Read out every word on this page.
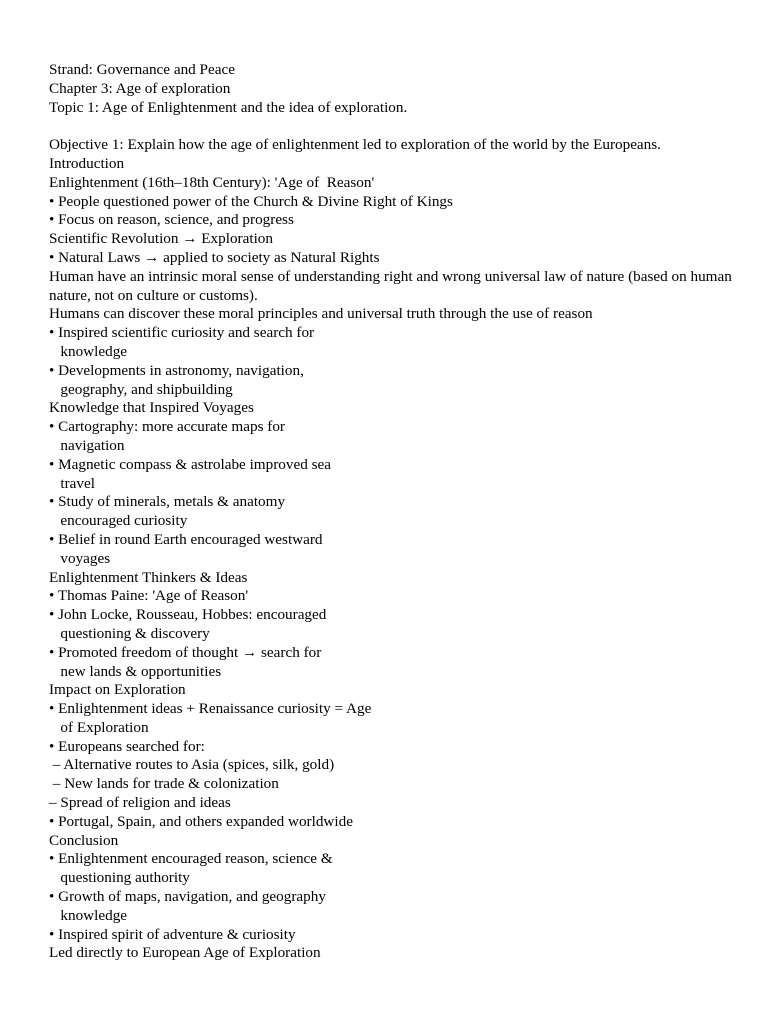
Strand: Governance and Peace
Chapter 3: Age of exploration
Topic 1: Age of Enlightenment and the idea of exploration.
Objective 1: Explain how the age of enlightenment led to exploration of the world by the Europeans.
Introduction
Enlightenment (16th–18th Century): 'Age of  Reason'
• People questioned power of the Church & Divine Right of Kings
• Focus on reason, science, and progress
Scientific Revolution → Exploration
• Natural Laws → applied to society as Natural Rights
Human have an intrinsic moral sense of understanding right and wrong universal law of nature (based on human nature, not on culture or customs).
Humans can discover these moral principles and universal truth through the use of reason
• Inspired scientific curiosity and search for
knowledge
• Developments in astronomy, navigation,
geography, and shipbuilding
Knowledge that Inspired Voyages
• Cartography: more accurate maps for
navigation
• Magnetic compass & astrolabe improved sea
travel
• Study of minerals, metals & anatomy
encouraged curiosity
• Belief in round Earth encouraged westward
voyages
Enlightenment Thinkers & Ideas
• Thomas Paine: 'Age of Reason'
• John Locke, Rousseau, Hobbes: encouraged
questioning & discovery
• Promoted freedom of thought → search for
new lands & opportunities
Impact on Exploration
• Enlightenment ideas + Renaissance curiosity = Age
of Exploration
• Europeans searched for:
– Alternative routes to Asia (spices, silk, gold)
– New lands for trade & colonization
– Spread of religion and ideas
• Portugal, Spain, and others expanded worldwide
Conclusion
• Enlightenment encouraged reason, science &
questioning authority
• Growth of maps, navigation, and geography
knowledge
• Inspired spirit of adventure & curiosity
Led directly to European Age of Exploration
